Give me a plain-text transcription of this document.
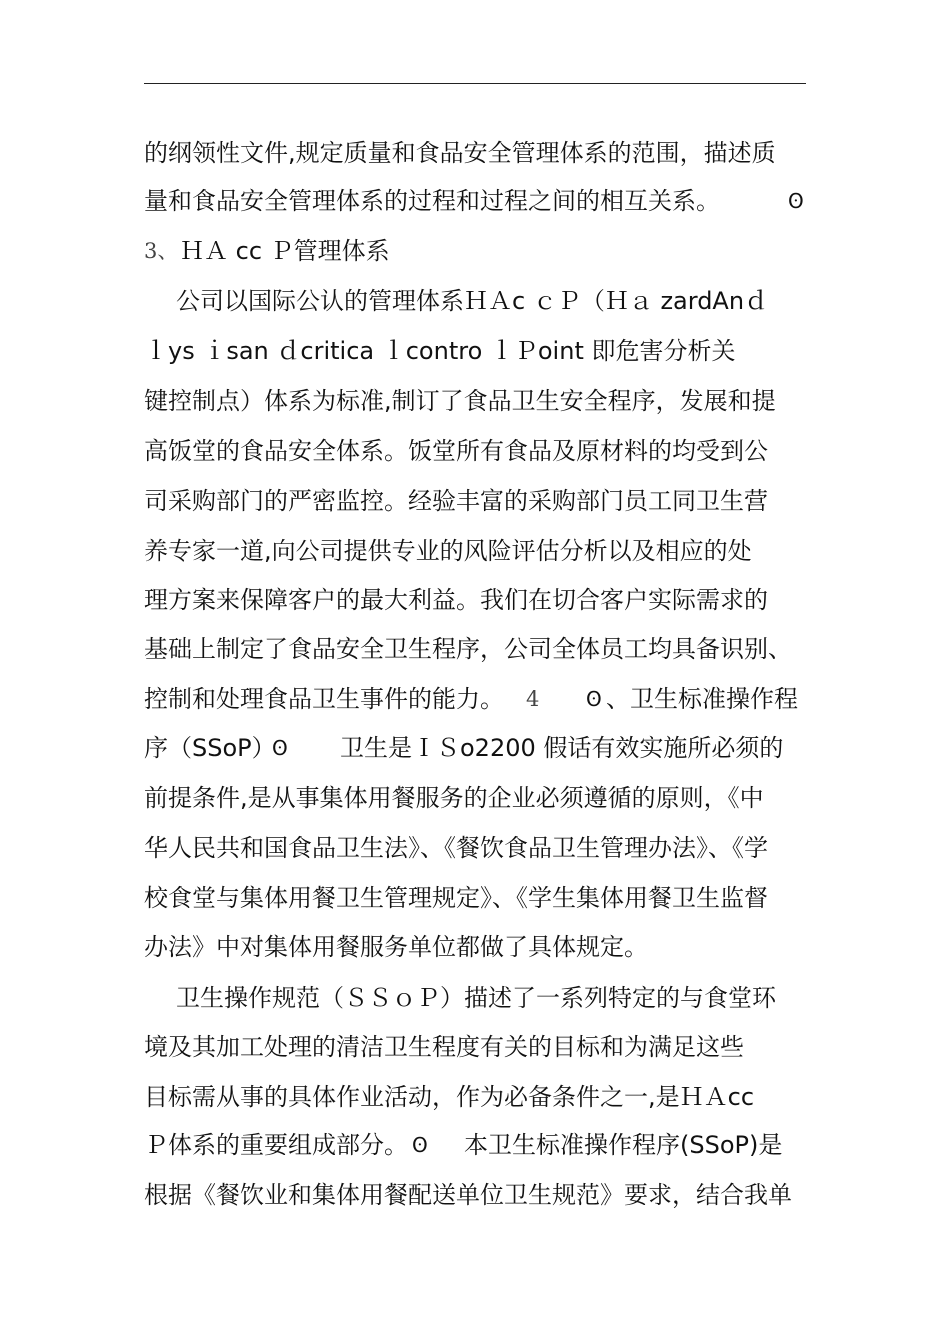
的纲领性文件,规定质量和食品安全管理体系的范围，描述质
量和食品安全管理体系的过程和过程之间的相互关系。	ʘ
3、 ＨＡ cc Ｐ管理体系
公司以国际公认的管理体系ＨＡc ｃＰ（Ｈａ zardAnｄ
ｌys ｉsan ｄcritica ｌcontro ｌＰoint 即危害分析关
键控制点）体系为标准,制订了食品卫生安全程序，发展和提
高饭堂的食品安全体系。饭堂所有食品及原材料的均受到公
司采购部门的严密监控。经验丰富的采购部门员工同卫生营
养专家一道,向公司提供专业的风险评估分析以及相应的处
理方案来保障客户的最大利益。我们在切合客户实际需求的
基础上制定了食品安全卫生程序，公司全体员工均具备识别、
控制和处理食品卫生事件的能力。	4	ʘ 、卫生标准操作程
序（SSoP）
ʘ	卫生是ＩＳo2200 假话有效实施所必须的
前提条件,是从事集体用餐服务的企业必须遵循的原则，《中
华人民共和国食品卫生法》、《餐饮食品卫生管理办法》、《学
校食堂与集体用餐卫生管理规定》、《学生集体用餐卫生监督
办法》中对集体用餐服务单位都做了具体规定。
卫生操作规范（ＳＳｏＰ）描述了一系列特定的与食堂环
境及其加工处理的清洁卫生程度有关的目标和为满足这些
目标需从事的具体作业活动，作为必备条件之一,是ＨＡcc
Ｐ体系的重要组成部分。 ʘ	本卫生标准操作程序(SSoP)是
根据《餐饮业和集体用餐配送单位卫生规范》要求，结合我单
